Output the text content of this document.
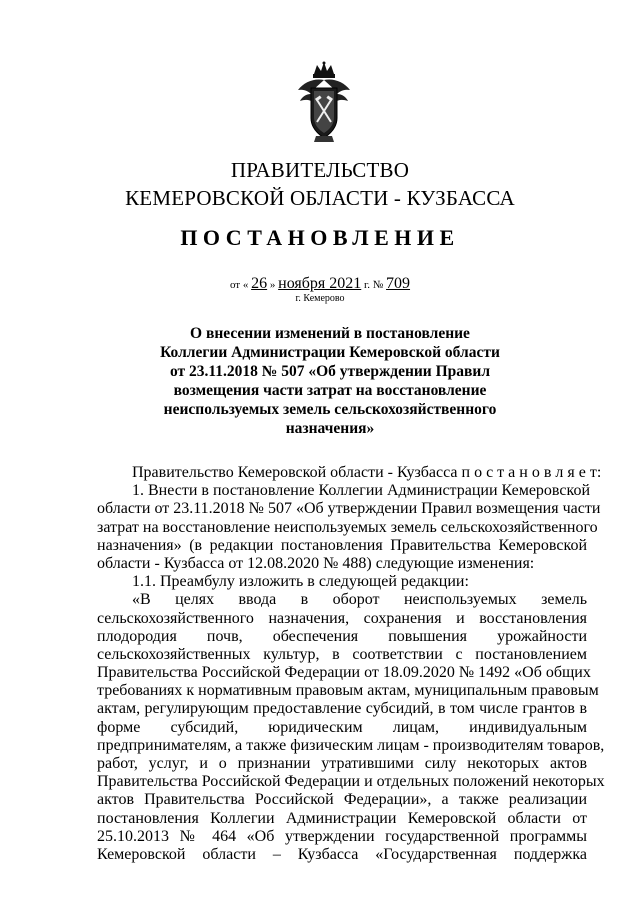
ПРАВИТЕЛЬСТВО
КЕМЕРОВСКОЙ ОБЛАСТИ - КУЗБАССА
ПОСТАНОВЛЕНИЕ
от « 26 » ноября 2021 г. № 709
г. Кемерово
О внесении изменений в постановление
Коллегии Администрации Кемеровской области
от 23.11.2018 № 507 «Об утверждении Правил
возмещения части затрат на восстановление
неиспользуемых земель сельскохозяйственного
назначения»
Правительство Кемеровской области - Кузбасса п о с т а н о в л я е т:
1. Внести в постановление Коллегии Администрации Кемеровской
области от 23.11.2018 № 507 «Об утверждении Правил возмещения части
затрат на восстановление неиспользуемых земель сельскохозяйственного
назначения» (в редакции постановления Правительства Кемеровской
области - Кузбасса от 12.08.2020 № 488) следующие изменения:
1.1. Преамбулу изложить в следующей редакции:
«В целях ввода в оборот неиспользуемых земель
сельскохозяйственного назначения, сохранения и восстановления
плодородия почв, обеспечения повышения урожайности
сельскохозяйственных культур, в соответствии с постановлением
Правительства Российской Федерации от 18.09.2020 № 1492 «Об общих
требованиях к нормативным правовым актам, муниципальным правовым
актам, регулирующим предоставление субсидий, в том числе грантов в
форме субсидий, юридическим лицам, индивидуальным
предпринимателям, а также физическим лицам - производителям товаров,
работ, услуг, и о признании утратившими силу некоторых актов
Правительства Российской Федерации и отдельных положений некоторых
актов Правительства Российской Федерации», а также реализации
постановления Коллегии Администрации Кемеровской области от
25.10.2013 № 464 «Об утверждении государственной программы
Кемеровской области – Кузбасса «Государственная поддержка
